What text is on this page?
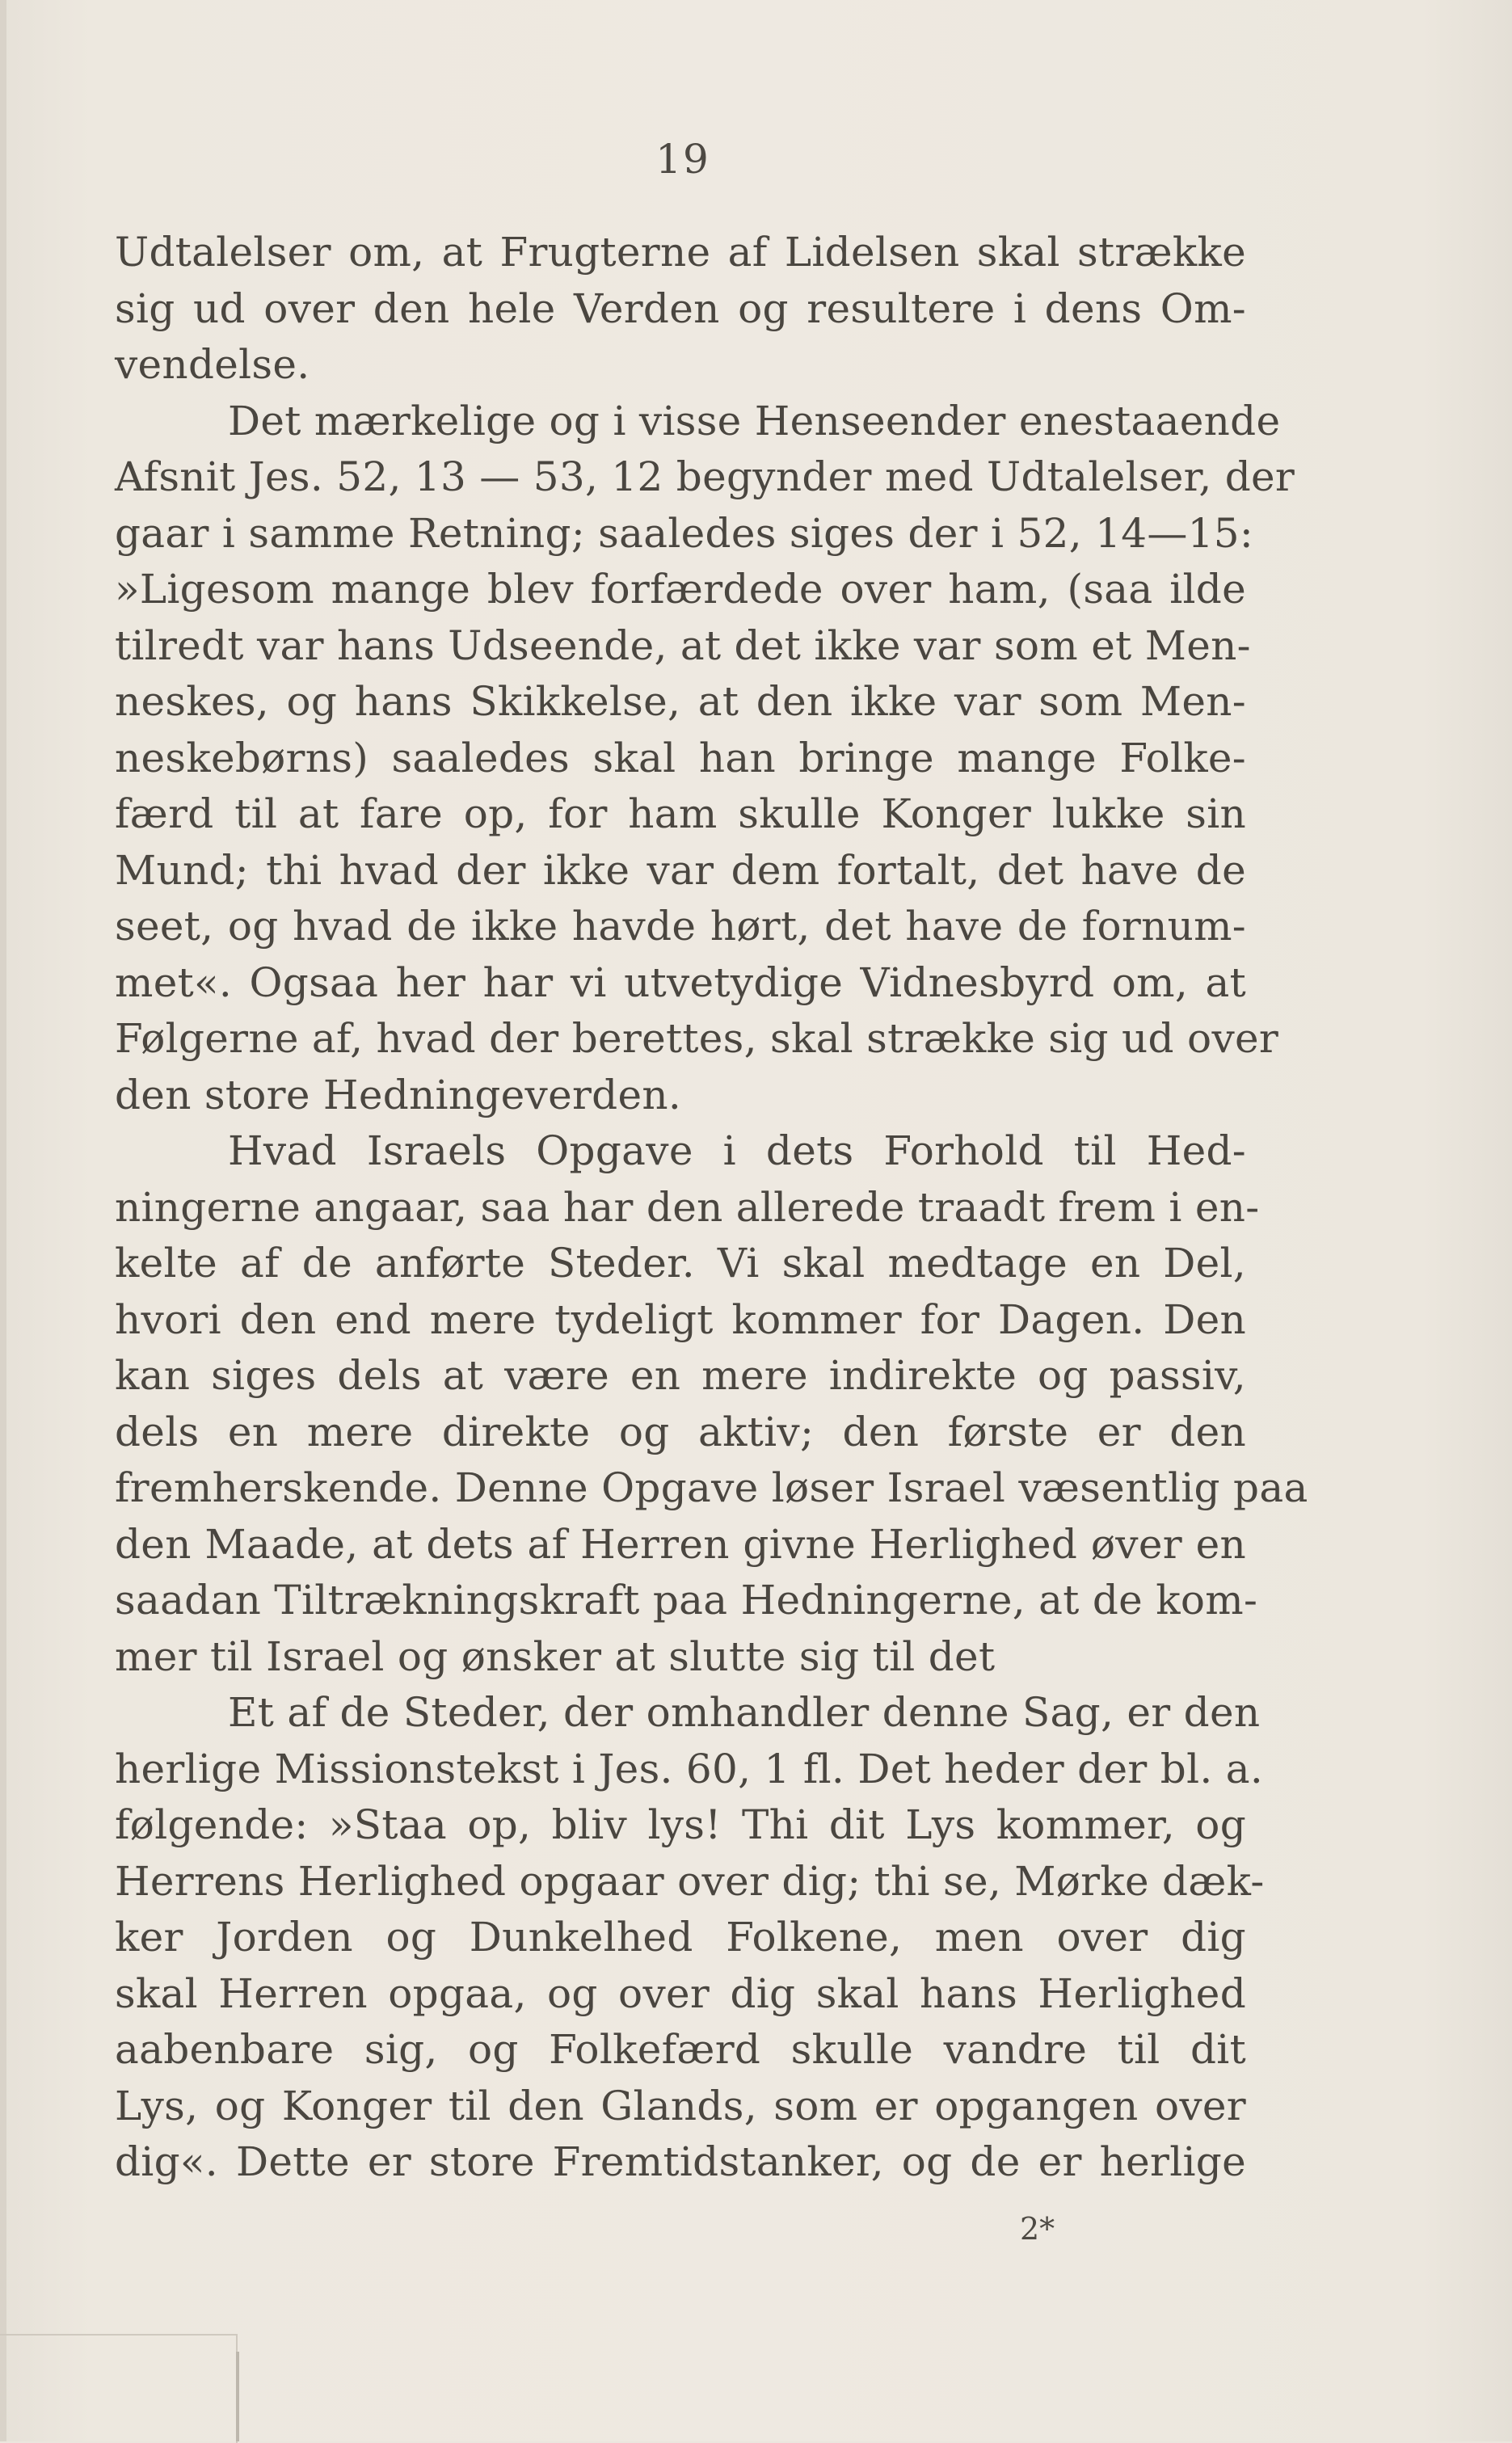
19
Udtalelser om, at Frugterne af Lidelsen skal strække
sig ud over den hele Verden og resultere i dens Om-
vendelse.
Det mærkelige og i visse Henseender enestaaende
Afsnit Jes. 52, 13 — 53, 12 begynder med Udtalelser, der
gaar i samme Retning; saaledes siges der i 52, 14—15:
»Ligesom mange blev forfærdede over ham, (saa ilde
tilredt var hans Udseende, at det ikke var som et Men-
neskes, og hans Skikkelse, at den ikke var som Men-
neskebørns) saaledes skal han bringe mange Folke-
færd til at fare op, for ham skulle Konger lukke sin
Mund; thi hvad der ikke var dem fortalt, det have de
seet, og hvad de ikke havde hørt, det have de fornum-
met«. Ogsaa her har vi utvetydige Vidnesbyrd om, at
Følgerne af, hvad der berettes, skal strække sig ud over
den store Hedningeverden.
Hvad Israels Opgave i dets Forhold til Hed-
ningerne angaar, saa har den allerede traadt frem i en-
kelte af de anførte Steder. Vi skal medtage en Del,
hvori den end mere tydeligt kommer for Dagen. Den
kan siges dels at være en mere indirekte og passiv,
dels en mere direkte og aktiv; den første er den
fremherskende. Denne Opgave løser Israel væsentlig paa
den Maade, at dets af Herren givne Herlighed øver en
saadan Tiltrækningskraft paa Hedningerne, at de kom-
mer til Israel og ønsker at slutte sig til det
Et af de Steder, der omhandler denne Sag, er den
herlige Missionstekst i Jes. 60, 1 fl. Det heder der bl. a.
følgende: »Staa op, bliv lys! Thi dit Lys kommer, og
Herrens Herlighed opgaar over dig; thi se, Mørke dæk-
ker Jorden og Dunkelhed Folkene, men over dig
skal Herren opgaa, og over dig skal hans Herlighed
aabenbare sig, og Folkefærd skulle vandre til dit
Lys, og Konger til den Glands, som er opgangen over
dig«. Dette er store Fremtidstanker, og de er herlige
2*
